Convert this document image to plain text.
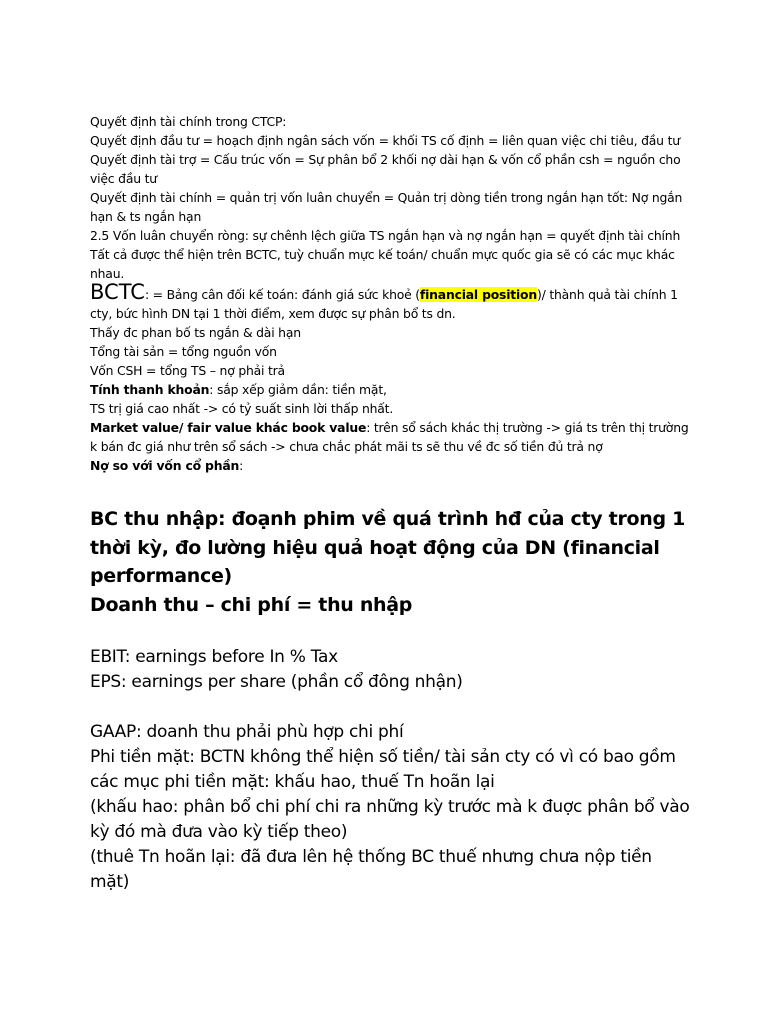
Quyết định tài chính trong CTCP:

Quyết định đầu tư = hoạch định ngân sách vốn = khối TS cố định = liên quan việc chi tiêu, đầu tư

Quyết định tài trợ = Cấu trúc vốn = Sự phân bổ 2 khối nợ dài hạn & vốn cổ phần csh = nguồn cho việc đầu tư

Quyết định tài chính = quản trị vốn luân chuyển = Quản trị dòng tiền trong ngắn hạn tốt: Nợ ngắn hạn & ts ngắn hạn

2.5 Vốn luân chuyển ròng: sự chênh lệch giữa TS ngắn hạn và nợ ngắn hạn = quyết định tài chính

Tất cả được thể hiện trên BCTC, tuỳ chuẩn mực kế toán/ chuẩn mực quốc gia sẽ có các mục khác nhau.

BCTC: = Bảng cân đối kế toán: đánh giá sức khoẻ (financial position)/ thành quả tài chính 1 cty, bức hình DN tại 1 thời điểm, xem được sự phân bổ ts dn.

Thấy đc phan bố ts ngắn & dài hạn

Tổng tài sản = tổng nguồn vốn

Vốn CSH = tổng TS – nợ phải trả

Tính thanh khoản: sắp xếp giảm dần: tiền mặt,

TS trị giá cao nhất -> có tỷ suất sinh lời thấp nhất.

Market value/ fair value khác book value: trên sổ sách khác thị trường -> giá ts trên thị trường k bán đc giá như trên sổ sách -> chưa chắc phát mãi ts sẽ thu về đc số tiền đủ trả nợ

Nợ so với vốn cổ phần:

BC thu nhập: đoạnh phim về quá trình hđ của cty trong 1 thời kỳ, đo lường hiệu quả hoạt động của DN (financial performance)

Doanh thu – chi phí = thu nhập

EBIT: earnings before In % Tax

EPS: earnings per share (phần cổ đông nhận)

GAAP: doanh thu phải phù hợp chi phí

Phi tiền mặt: BCTN không thể hiện số tiền/ tài sản cty có vì có bao gồm các mục phi tiền mặt: khấu hao, thuế Tn hoãn lại

(khấu hao: phân bổ chi phí chi ra những kỳ trước mà k đuợc phân bổ vào kỳ đó mà đưa vào kỳ tiếp theo)

(thuê Tn hoãn lại: đã đưa lên hệ thống BC thuế nhưng chưa nộp tiền mặt)
